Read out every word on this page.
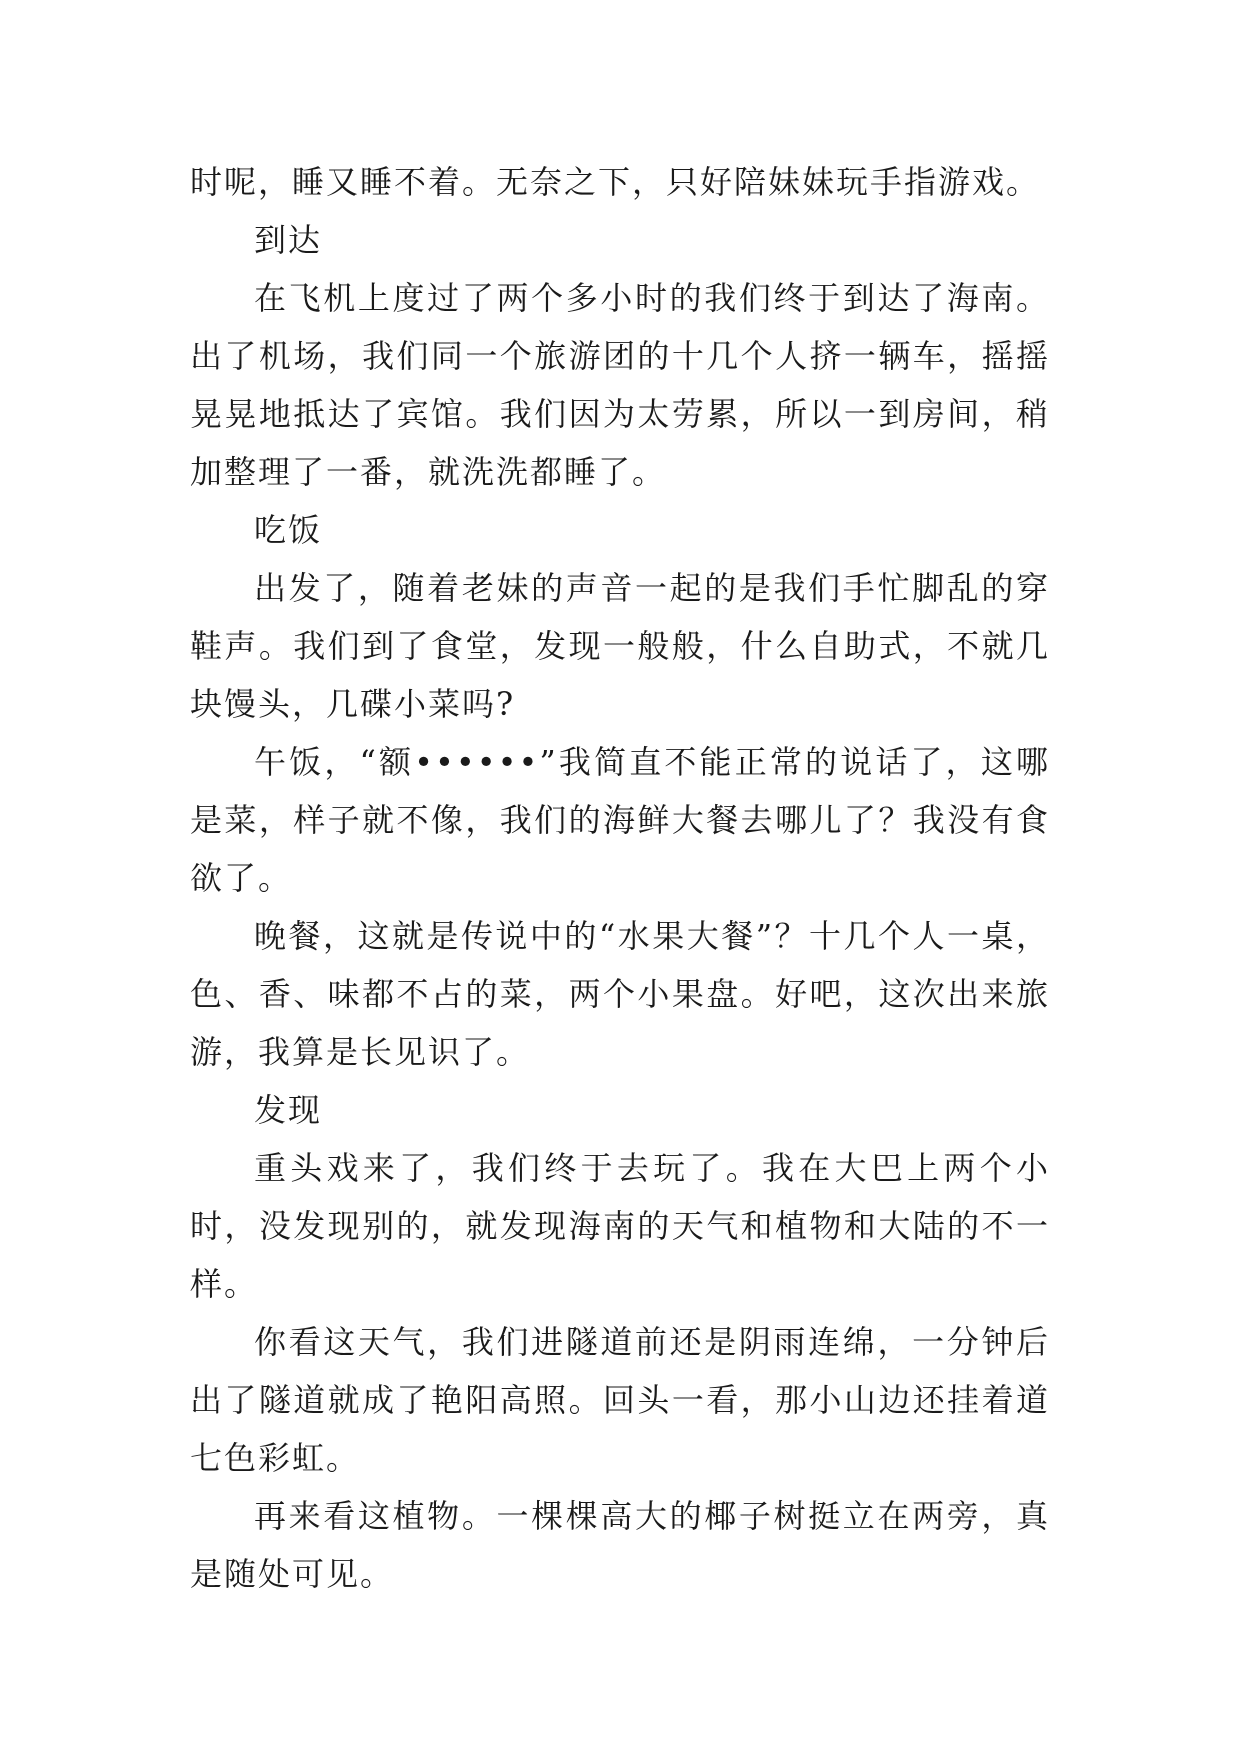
时呢，睡又睡不着。无奈之下，只好陪妹妹玩手指游戏。

到达

在飞机上度过了两个多小时的我们终于到达了海南。出了机场，我们同一个旅游团的十几个人挤一辆车，摇摇晃晃地抵达了宾馆。我们因为太劳累，所以一到房间，稍加整理了一番，就洗洗都睡了。

吃饭

出发了，随着老妹的声音一起的是我们手忙脚乱的穿鞋声。我们到了食堂，发现一般般，什么自助式，不就几块馒头，几碟小菜吗?

午饭，“额••••••”我简直不能正常的说话了，这哪是菜，样子就不像，我们的海鲜大餐去哪儿了？我没有食欲了。

晚餐，这就是传说中的“水果大餐”？十几个人一桌，色、香、味都不占的菜，两个小果盘。好吧，这次出来旅游，我算是长见识了。

发现

重头戏来了，我们终于去玩了。我在大巴上两个小时，没发现别的，就发现海南的天气和植物和大陆的不一样。

你看这天气，我们进隧道前还是阴雨连绵，一分钟后出了隧道就成了艳阳高照。回头一看，那小山边还挂着道七色彩虹。

再来看这植物。一棵棵高大的椰子树挺立在两旁，真是随处可见。
